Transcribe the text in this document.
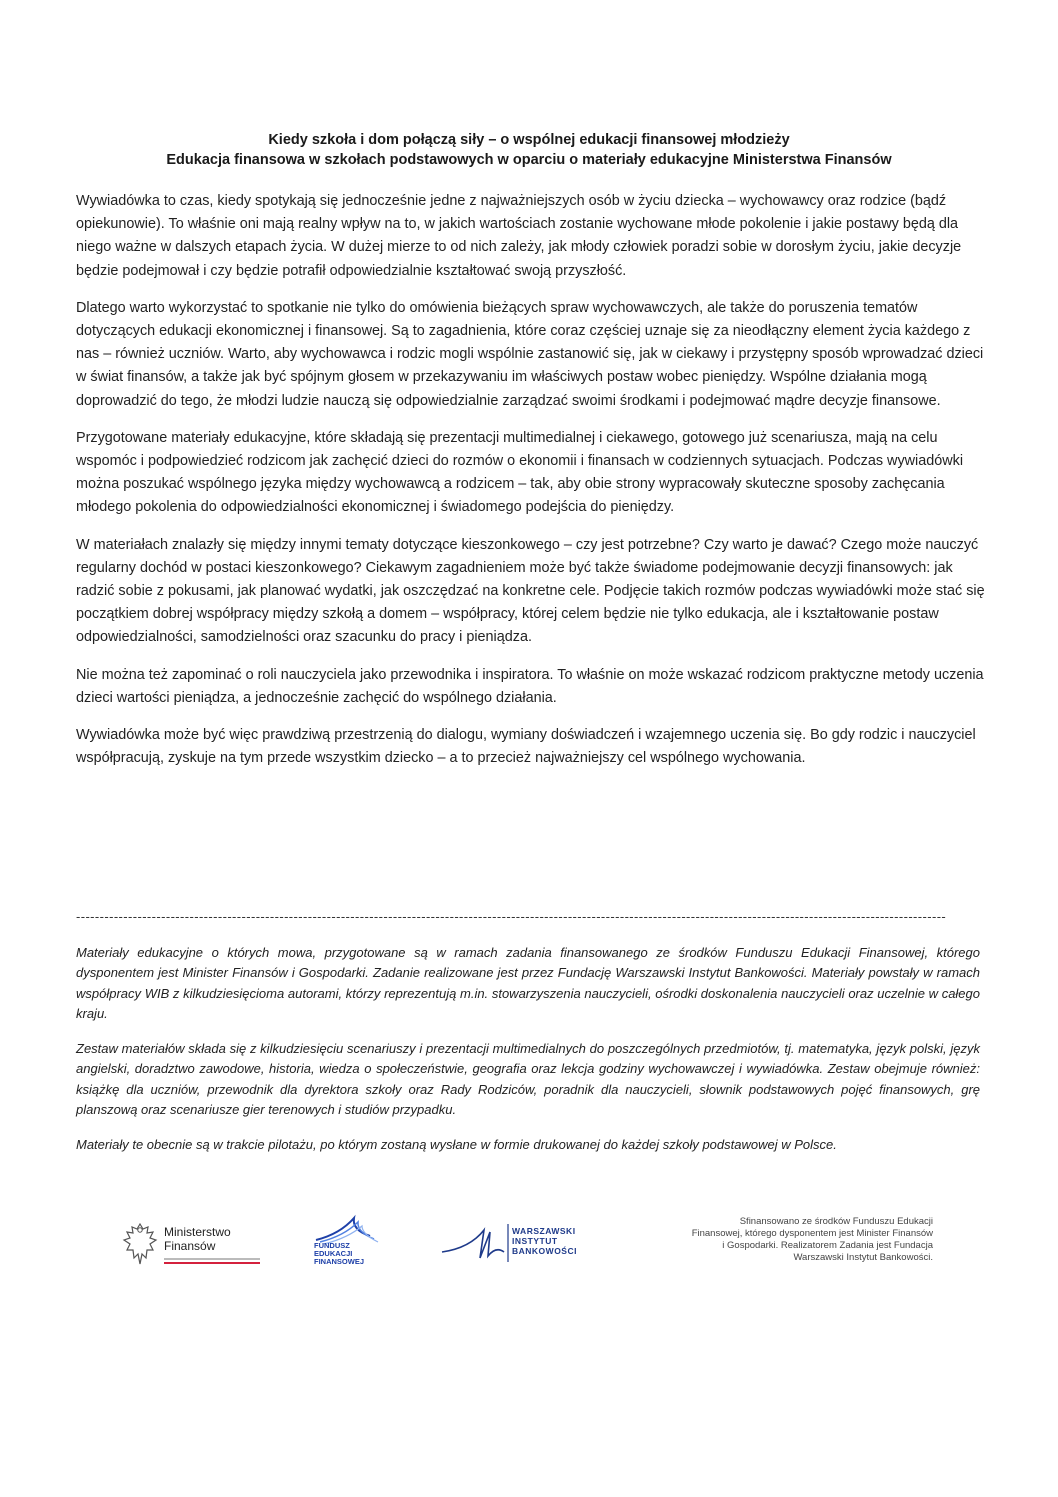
Kiedy szkoła i dom połączą siły – o wspólnej edukacji finansowej młodzieży
Edukacja finansowa w szkołach podstawowych w oparciu o materiały edukacyjne Ministerstwa Finansów

Wywiadówka to czas, kiedy spotykają się jednocześnie jedne z najważniejszych osób w życiu dziecka – wychowawcy oraz rodzice (bądź opiekunowie). To właśnie oni mają realny wpływ na to, w jakich wartościach zostanie wychowane młode pokolenie i jakie postawy będą dla niego ważne w dalszych etapach życia. W dużej mierze to od nich zależy, jak młody człowiek poradzi sobie w dorosłym życiu, jakie decyzje będzie podejmował i czy będzie potrafił odpowiedzialnie kształtować swoją przyszłość.

Dlatego warto wykorzystać to spotkanie nie tylko do omówienia bieżących spraw wychowawczych, ale także do poruszenia tematów dotyczących edukacji ekonomicznej i finansowej. Są to zagadnienia, które coraz częściej uznaje się za nieodłączny element życia każdego z nas – również uczniów. Warto, aby wychowawca i rodzic mogli wspólnie zastanowić się, jak w ciekawy i przystępny sposób wprowadzać dzieci w świat finansów, a także jak być spójnym głosem w przekazywaniu im właściwych postaw wobec pieniędzy. Wspólne działania mogą doprowadzić do tego, że młodzi ludzie nauczą się odpowiedzialnie zarządzać swoimi środkami i podejmować mądre decyzje finansowe.

Przygotowane materiały edukacyjne, które składają się prezentacji multimedialnej i ciekawego, gotowego już scenariusza, mają na celu wspomóc i podpowiedzieć rodzicom jak zachęcić dzieci do rozmów o ekonomii i finansach w codziennych sytuacjach. Podczas wywiadówki można poszukać wspólnego języka między wychowawcą a rodzicem – tak, aby obie strony wypracowały skuteczne sposoby zachęcania młodego pokolenia do odpowiedzialności ekonomicznej i świadomego podejścia do pieniędzy.

W materiałach znalazły się między innymi tematy dotyczące kieszonkowego – czy jest potrzebne? Czy warto je dawać? Czego może nauczyć regularny dochód w postaci kieszonkowego? Ciekawym zagadnieniem może być także świadome podejmowanie decyzji finansowych: jak radzić sobie z pokusami, jak planować wydatki, jak oszczędzać na konkretne cele. Podjęcie takich rozmów podczas wywiadówki może stać się początkiem dobrej współpracy między szkołą a domem – współpracy, której celem będzie nie tylko edukacja, ale i kształtowanie postaw odpowiedzialności, samodzielności oraz szacunku do pracy i pieniądza.

Nie można też zapominać o roli nauczyciela jako przewodnika i inspiratora. To właśnie on może wskazać rodzicom praktyczne metody uczenia dzieci wartości pieniądza, a jednocześnie zachęcić do wspólnego działania.

Wywiadówka może być więc prawdziwą przestrzenią do dialogu, wymiany doświadczeń i wzajemnego uczenia się. Bo gdy rodzic i nauczyciel współpracują, zyskuje na tym przede wszystkim dziecko – a to przecież najważniejszy cel wspólnego wychowania.

----------------------------------------------------------------------------------------------------------------------------------------------------------------------------------------

Materiały edukacyjne o których mowa, przygotowane są w ramach zadania finansowanego ze środków Funduszu Edukacji Finansowej, którego dysponentem jest Minister Finansów i Gospodarki. Zadanie realizowane jest przez Fundację Warszawski Instytut Bankowości. Materiały powstały w ramach współpracy WIB z kilkudziesięcioma autorami, którzy reprezentują m.in. stowarzyszenia nauczycieli, ośrodki doskonalenia nauczycieli oraz uczelnie w całego kraju.

Zestaw materiałów składa się z kilkudziesięciu scenariuszy i prezentacji multimedialnych do poszczególnych przedmiotów, tj. matematyka, język polski, język angielski, doradztwo zawodowe, historia, wiedza o społeczeństwie, geografia oraz lekcja godziny wychowawczej i wywiadówka. Zestaw obejmuje również: książkę dla uczniów, przewodnik dla dyrektora szkoły oraz Rady Rodziców, poradnik dla nauczycieli, słownik podstawowych pojęć finansowych, grę planszową oraz scenariusze gier terenowych i studiów przypadku.

Materiały te obecnie są w trakcie pilotażu, po którym zostaną wysłane w formie drukowanej do każdej szkoły podstawowej w Polsce.

Ministerstwo
Finansów	FUNDUSZ
EDUKACJI
FINANSOWEJ
WARSZAWSKI
INSTYTUT
BANKOWOŚCI
Sfinansowano ze środków Funduszu Edukacji Finansowej, którego dysponentem jest Minister Finansów i Gospodarki. Realizatorem Zadania jest Fundacja Warszawski Instytut Bankowości.
